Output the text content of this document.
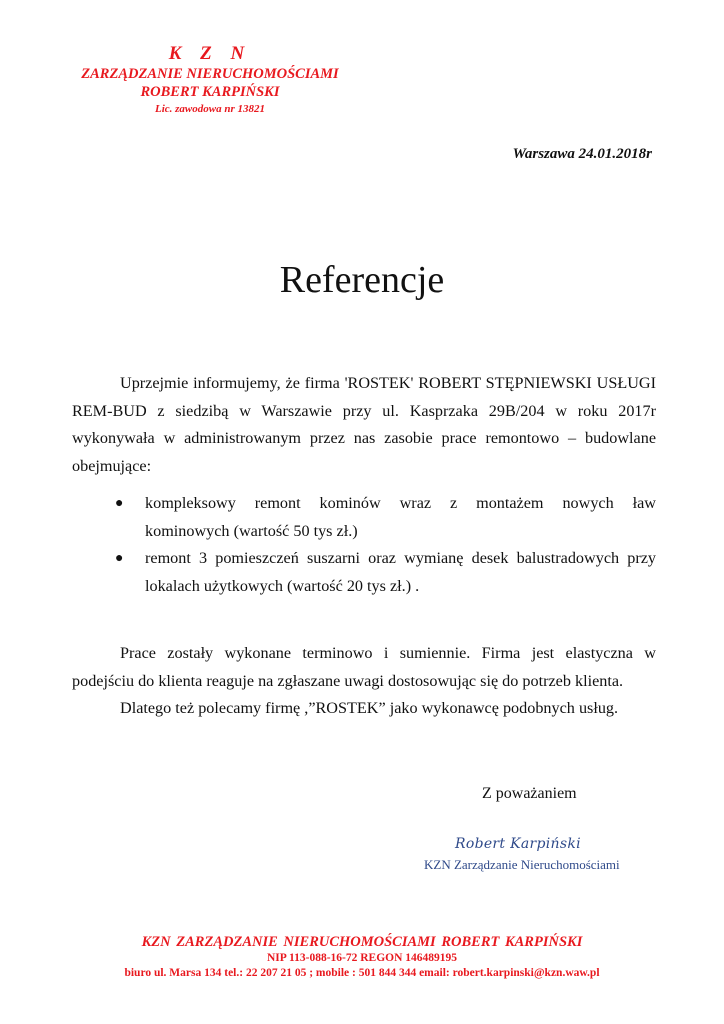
K Z N
ZARZĄDZANIE NIERUCHOMOŚCIAMI
ROBERT KARPIŃSKI
Lic. zawodowa nr 13821
Warszawa 24.01.2018r
Referencje
Uprzejmie informujemy, że firma 'ROSTEK' ROBERT STĘPNIEWSKI USŁUGI REM-BUD z siedzibą w Warszawie przy ul. Kasprzaka 29B/204 w roku 2017r wykonywała w administrowanym przez nas zasobie prace remontowo – budowlane obejmujące:
● kompleksowy remont kominów wraz z montażem nowych ław
kominowych (wartość 50 tys zł.)
● remont 3 pomieszczeń suszarni oraz wymianę desek balustradowych przy
lokalach użytkowych (wartość 20 tys zł.) .

Prace zostały wykonane terminowo i sumiennie. Firma jest elastyczna w podejściu do klienta reaguje na zgłaszane uwagi dostosowując się do potrzeb klienta.

Dlatego też polecamy firmę ,”ROSTEK” jako wykonawcę podobnych usług.

Z poważaniem
Robert Karpiński
KZN Zarządzanie Nieruchomościami
KZN ZARZĄDZANIE NIERUCHOMOŚCIAMI ROBERT KARPIŃSKI
NIP 113-088-16-72 REGON 146489195
biuro ul. Marsa 134 tel.: 22 207 21 05 ; mobile : 501 844 344 email: robert.karpinski@kzn.waw.pl
